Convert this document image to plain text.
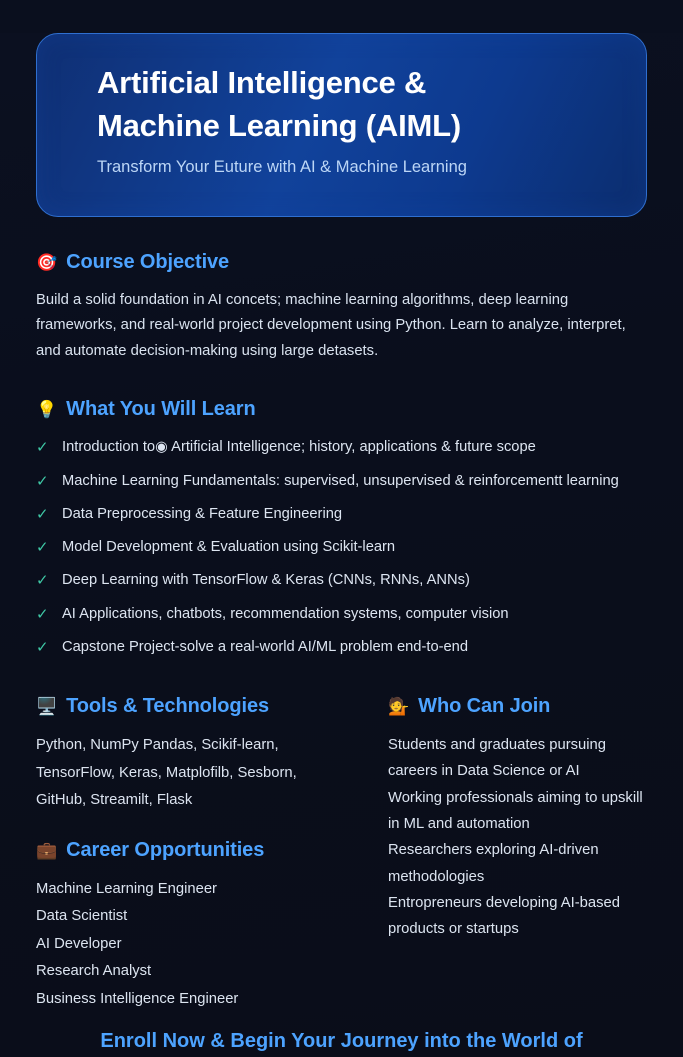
Artificial Intelligence &
Machine Learning (AIML)
Transform Your Euture with AI & Machine Learning
🎯 Course Objective
Build a solid foundation in AI concets; machine learning algorithms, deep learning frameworks, and real-world project development using Python. Learn to analyze, interpret, and automate decision-making using large detasets.
💡 What You Will Learn
✓ Introduction to◉ Artificial Intelligence; history, applications & future scope
✓ Machine Learning Fundamentals: supervised, unsupervised & reinforcementt learning
✓ Data Preprocessing & Feature Engineering
✓ Model Development & Evaluation using Scikit-learn
✓ Deep Learning with TensorFlow & Keras (CNNs, RNNs, ANNs)
✓ AI Applications, chatbots, recommendation systems, computer vision
✓ Capstone Project-solve a real-world AI/ML problem end-to-end
🖥️ Tools & Technologies
Python, NumPy Pandas, Scikif-learn,
TensorFlow, Keras, Matplofilb, Sesborn,
GitHub, Streamilt, Flask
💼 Career Opportunities
Machine Learning Engineer
Data Scientist
AI Developer
Research Analyst
Business Intelligence Engineer
💁 Who Can Join
Students and graduates pursuing careers in Data Science or AI
Working professionals aiming to upskill in ML and automation
Researchers exploring AI-driven methodologies
Entropreneurs developing AI-based products or startups
Enroll Now & Begin Your Journey into the World of
